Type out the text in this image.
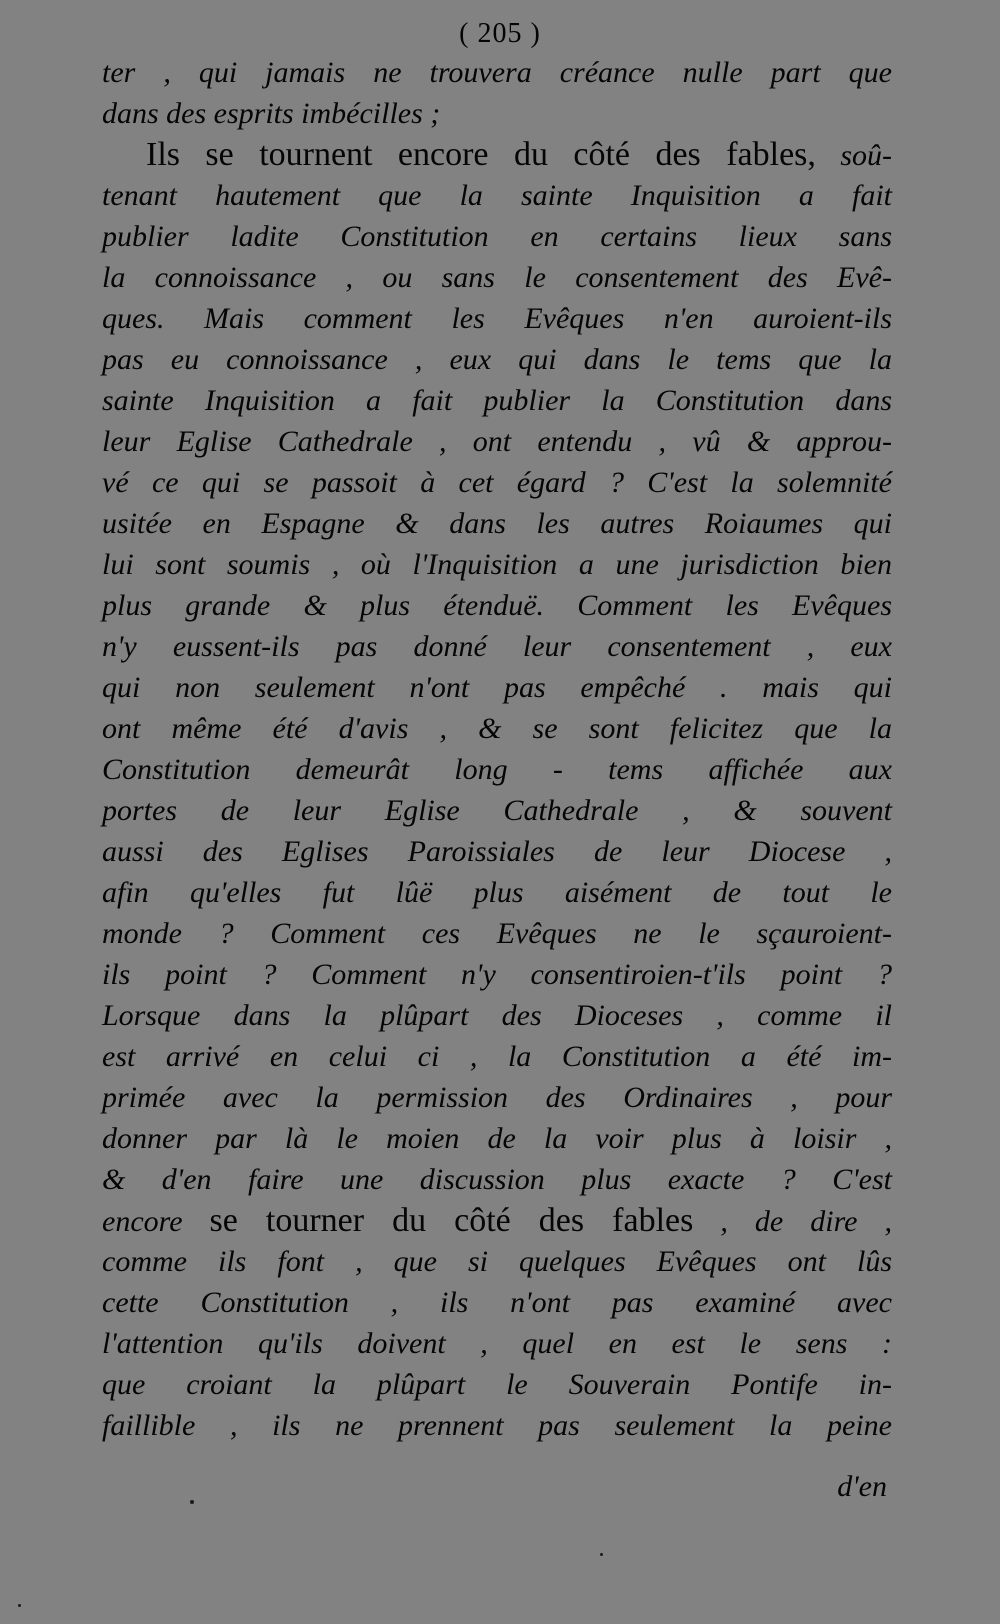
( 205 )
ter , qui jamais ne trouvera créance nulle part que
dans des esprits imbécilles ;
Ils se tournent encore du côté des fables, soû-
tenant hautement que la sainte Inquisition a fait
publier ladite Constitution en certains lieux sans
la connoissance , ou sans le consentement des Evê-
ques. Mais comment les Evêques n'en auroient-ils
pas eu connoissance , eux qui dans le tems que la
sainte Inquisition a fait publier la Constitution dans
leur Eglise Cathedrale , ont entendu , vû & approu-
vé ce qui se passoit à cet égard ? C'est la solemnité
usitée en Espagne & dans les autres Roiaumes qui
lui sont soumis , où l'Inquisition a une jurisdiction bien
plus grande & plus étenduë. Comment les Evêques
n'y eussent-ils pas donné leur consentement , eux
qui non seulement n'ont pas empêché . mais qui
ont même été d'avis , & se sont felicitez que la
Constitution demeurât long - tems affichée aux
portes de leur Eglise Cathedrale , & souvent
aussi des Eglises Paroissiales de leur Diocese ,
afin qu'elles fut lûë plus aisément de tout le
monde ? Comment ces Evêques ne le sçauroient-
ils point ? Comment n'y consentiroien-t'ils point ?
Lorsque dans la plûpart des Dioceses , comme il
est arrivé en celui ci , la Constitution a été im-
primée avec la permission des Ordinaires , pour
donner par là le moien de la voir plus à loisir ,
& d'en faire une discussion plus exacte ? C'est
encore se tourner du côté des fables , de dire ,
comme ils font , que si quelques Evêques ont lûs
cette Constitution , ils n'ont pas examiné avec
l'attention qu'ils doivent , quel en est le sens :
que croiant la plûpart le Souverain Pontife in-
faillible , ils ne prennent pas seulement la peine
d'en
